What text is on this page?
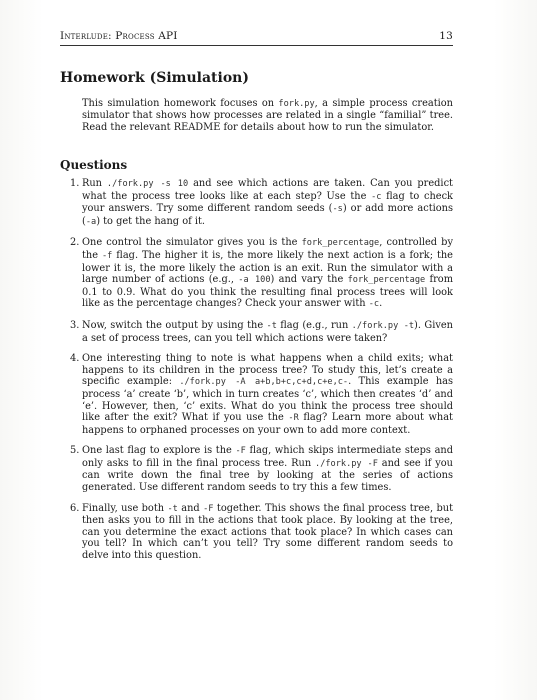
Interlude: Process API	13
Homework (Simulation)

This simulation homework focuses on fork.py, a simple process creation simulator that shows how processes are related in a single “familial” tree. Read the relevant README for details about how to run the simulator.

Questions
1. Run ./fork.py -s 10 and see which actions are taken. Can you predict what the process tree looks like at each step? Use the -c flag to check your answers. Try some different random seeds (-s) or add more actions (-a) to get the hang of it.
2. One control the simulator gives you is the fork_percentage, controlled by the -f flag. The higher it is, the more likely the next action is a fork; the lower it is, the more likely the action is an exit. Run the simulator with a large number of actions (e.g., -a 100) and vary the fork_percentage from 0.1 to 0.9. What do you think the resulting final process trees will look like as the percentage changes? Check your answer with -c.
3. Now, switch the output by using the -t flag (e.g., run ./fork.py -t). Given a set of process trees, can you tell which actions were taken?
4. One interesting thing to note is what happens when a child exits; what happens to its children in the process tree? To study this, let’s create a specific example: ./fork.py -A a+b,b+c,c+d,c+e,c-. This example has process ‘a’ create ‘b’, which in turn creates ‘c’, which then creates ‘d’ and ‘e’. However, then, ‘c’ exits. What do you think the process tree should like after the exit? What if you use the -R flag? Learn more about what happens to orphaned processes on your own to add more context.
5. One last flag to explore is the -F flag, which skips intermediate steps and only asks to fill in the final process tree. Run ./fork.py -F and see if you can write down the final tree by looking at the series of actions generated. Use different random seeds to try this a few times.
6. Finally, use both -t and -F together. This shows the final process tree, but then asks you to fill in the actions that took place. By looking at the tree, can you determine the exact actions that took place? In which cases can you tell? In which can’t you tell? Try some different random seeds to delve into this question.
